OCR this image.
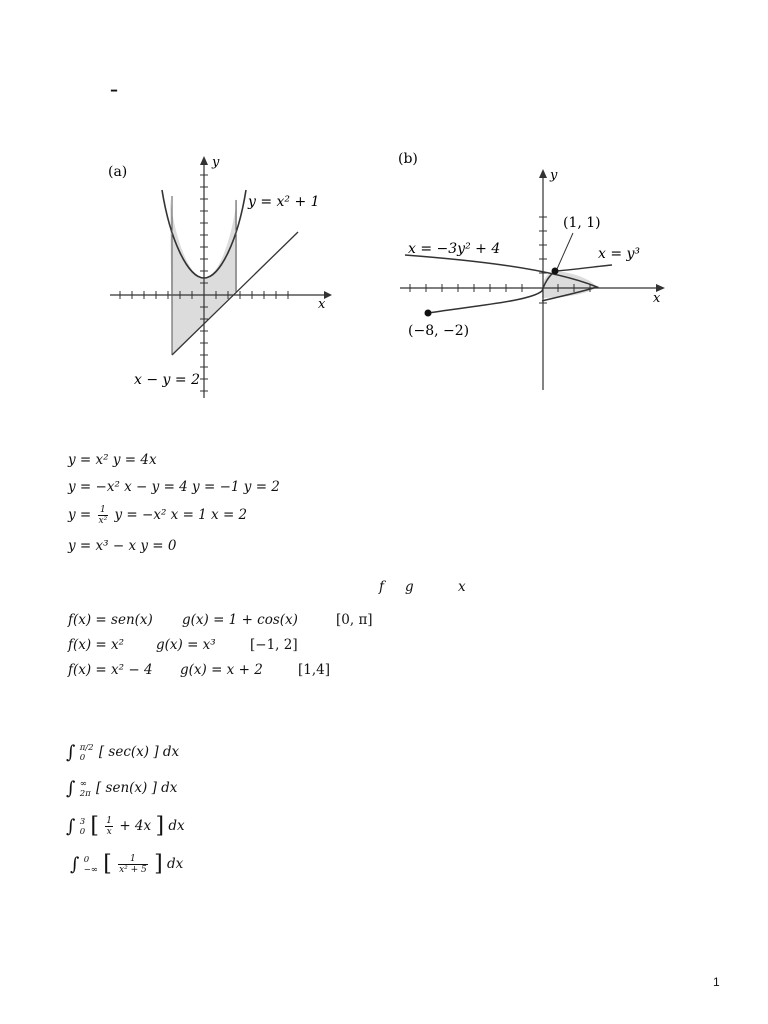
–
(a)
y
x
y = x² + 1
x − y = 2
(b)
y
x
(1, 1)
(−8, −2)
x = −3y² + 4	x = y³
y = x² y = 4x
y = −x² x − y = 4 y = −1 y = 2
$y = \frac{1}{\text{x²}}$ y = −x² x = 1 x = 2
y = x³ − x y = 0
f g	x
f(x) = sen(x) g(x) = 1 + cos(x)	[0, π]
f(x) = x² g(x) = x³	[−1, 2]
f(x) = x² − 4 g(x) = x + 2	[1,4]
∫ π/2
0	[ sec(x) ] dx
∫ ∞
2π [ sen(x) ] dx
∫ 3
0 [ $\frac{1}{x} + 4x$ ] dx
∫ 0
−∞ [ $\frac{1}{\text{x² + 5}}$ ] dx
1
